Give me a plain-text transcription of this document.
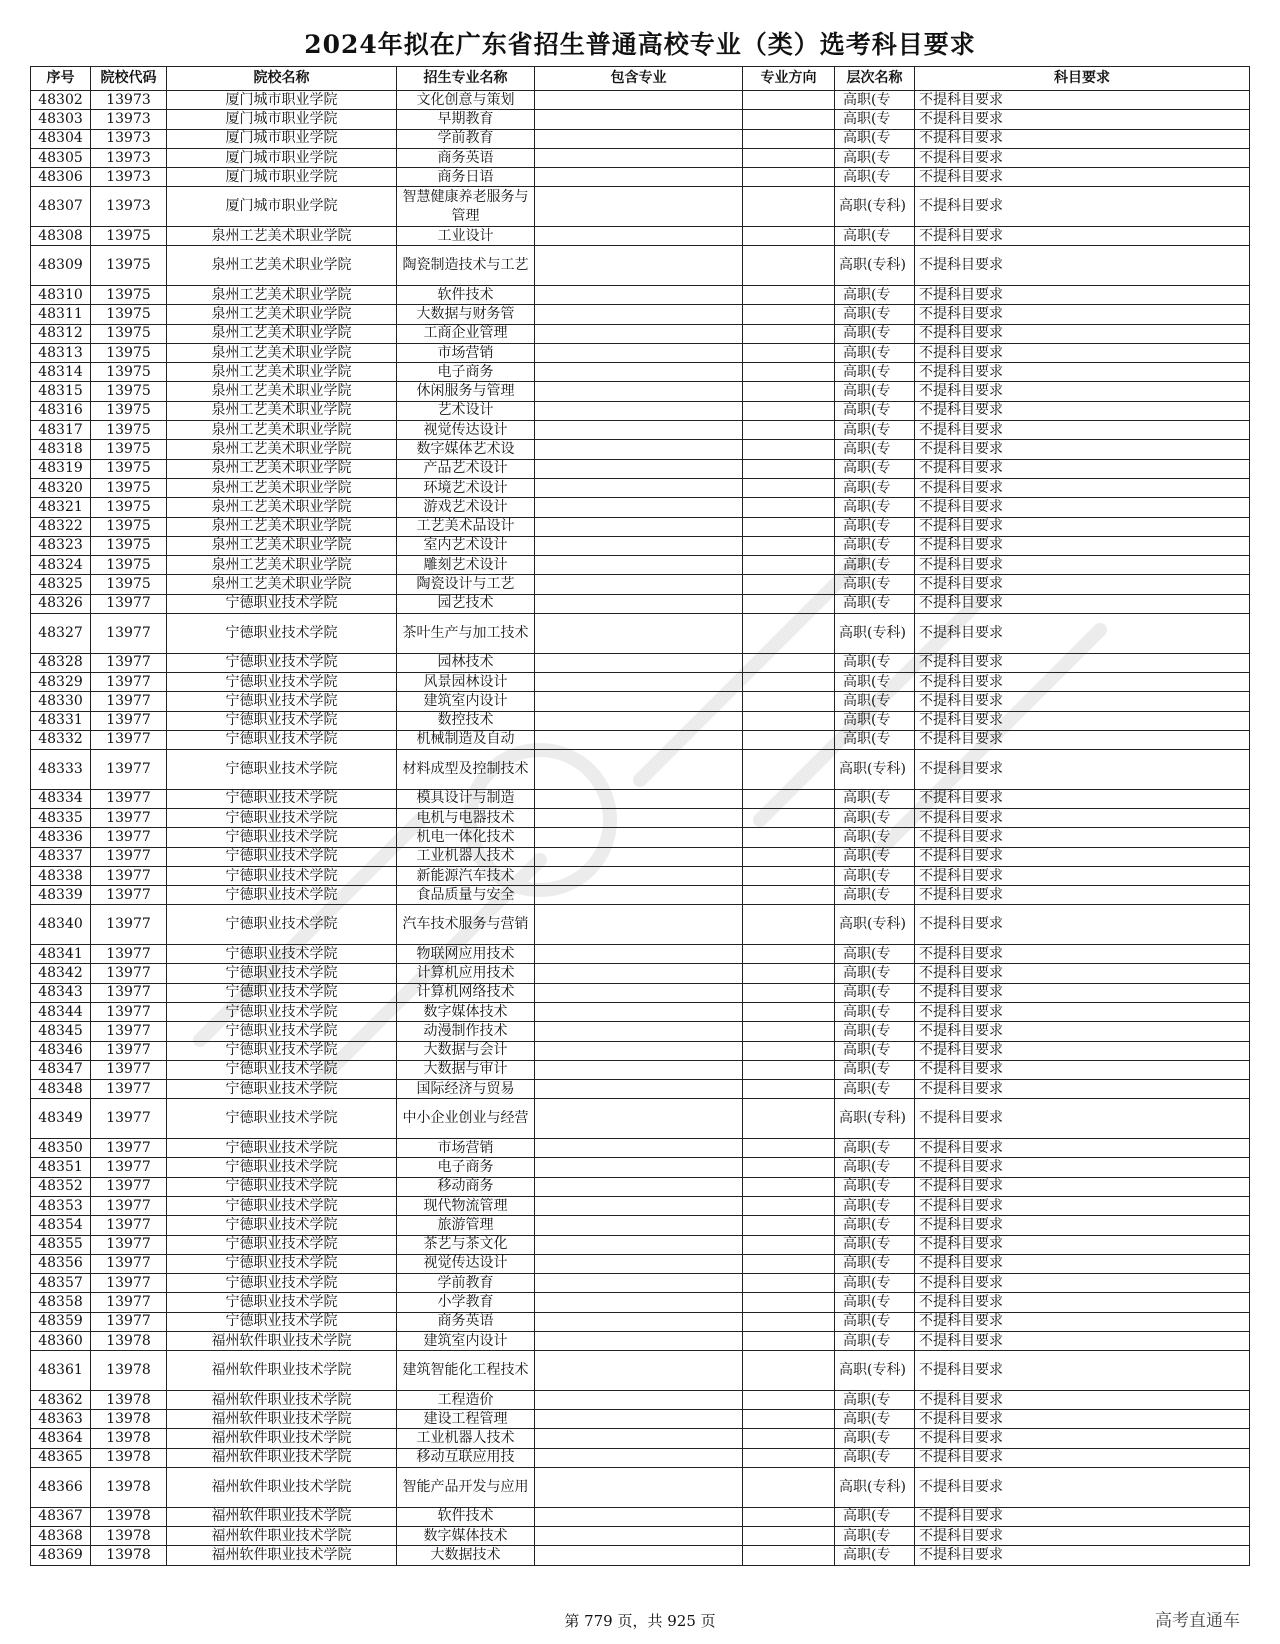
2024年拟在广东省招生普通高校专业（类）选考科目要求
序号	院校代码	院校名称	招生专业名称	包含专业	专业方向	层次名称	科目要求
48302	13973	厦门城市职业学院	文化创意与策划			高职(专	不提科目要求
48303	13973	厦门城市职业学院	早期教育			高职(专	不提科目要求
48304	13973	厦门城市职业学院	学前教育			高职(专	不提科目要求
48305	13973	厦门城市职业学院	商务英语			高职(专	不提科目要求
48306	13973	厦门城市职业学院	商务日语			高职(专	不提科目要求
48307	13973	厦门城市职业学院	智慧健康养老服务与管理			高职(专科)	不提科目要求
48308	13975	泉州工艺美术职业学院	工业设计			高职(专	不提科目要求
48309	13975	泉州工艺美术职业学院	陶瓷制造技术与工艺			高职(专科)	不提科目要求
48310	13975	泉州工艺美术职业学院	软件技术			高职(专	不提科目要求
48311	13975	泉州工艺美术职业学院	大数据与财务管			高职(专	不提科目要求
48312	13975	泉州工艺美术职业学院	工商企业管理			高职(专	不提科目要求
48313	13975	泉州工艺美术职业学院	市场营销			高职(专	不提科目要求
48314	13975	泉州工艺美术职业学院	电子商务			高职(专	不提科目要求
48315	13975	泉州工艺美术职业学院	休闲服务与管理			高职(专	不提科目要求
48316	13975	泉州工艺美术职业学院	艺术设计			高职(专	不提科目要求
48317	13975	泉州工艺美术职业学院	视觉传达设计			高职(专	不提科目要求
48318	13975	泉州工艺美术职业学院	数字媒体艺术设			高职(专	不提科目要求
48319	13975	泉州工艺美术职业学院	产品艺术设计			高职(专	不提科目要求
48320	13975	泉州工艺美术职业学院	环境艺术设计			高职(专	不提科目要求
48321	13975	泉州工艺美术职业学院	游戏艺术设计			高职(专	不提科目要求
48322	13975	泉州工艺美术职业学院	工艺美术品设计			高职(专	不提科目要求
48323	13975	泉州工艺美术职业学院	室内艺术设计			高职(专	不提科目要求
48324	13975	泉州工艺美术职业学院	雕刻艺术设计			高职(专	不提科目要求
48325	13975	泉州工艺美术职业学院	陶瓷设计与工艺			高职(专	不提科目要求
48326	13977	宁德职业技术学院	园艺技术			高职(专	不提科目要求
48327	13977	宁德职业技术学院	茶叶生产与加工技术			高职(专科)	不提科目要求
48328	13977	宁德职业技术学院	园林技术			高职(专	不提科目要求
48329	13977	宁德职业技术学院	风景园林设计			高职(专	不提科目要求
48330	13977	宁德职业技术学院	建筑室内设计			高职(专	不提科目要求
48331	13977	宁德职业技术学院	数控技术			高职(专	不提科目要求
48332	13977	宁德职业技术学院	机械制造及自动			高职(专	不提科目要求
48333	13977	宁德职业技术学院	材料成型及控制技术			高职(专科)	不提科目要求
48334	13977	宁德职业技术学院	模具设计与制造			高职(专	不提科目要求
48335	13977	宁德职业技术学院	电机与电器技术			高职(专	不提科目要求
48336	13977	宁德职业技术学院	机电一体化技术			高职(专	不提科目要求
48337	13977	宁德职业技术学院	工业机器人技术			高职(专	不提科目要求
48338	13977	宁德职业技术学院	新能源汽车技术			高职(专	不提科目要求
48339	13977	宁德职业技术学院	食品质量与安全			高职(专	不提科目要求
48340	13977	宁德职业技术学院	汽车技术服务与营销			高职(专科)	不提科目要求
48341	13977	宁德职业技术学院	物联网应用技术			高职(专	不提科目要求
48342	13977	宁德职业技术学院	计算机应用技术			高职(专	不提科目要求
48343	13977	宁德职业技术学院	计算机网络技术			高职(专	不提科目要求
48344	13977	宁德职业技术学院	数字媒体技术			高职(专	不提科目要求
48345	13977	宁德职业技术学院	动漫制作技术			高职(专	不提科目要求
48346	13977	宁德职业技术学院	大数据与会计			高职(专	不提科目要求
48347	13977	宁德职业技术学院	大数据与审计			高职(专	不提科目要求
48348	13977	宁德职业技术学院	国际经济与贸易			高职(专	不提科目要求
48349	13977	宁德职业技术学院	中小企业创业与经营			高职(专科)	不提科目要求
48350	13977	宁德职业技术学院	市场营销			高职(专	不提科目要求
48351	13977	宁德职业技术学院	电子商务			高职(专	不提科目要求
48352	13977	宁德职业技术学院	移动商务			高职(专	不提科目要求
48353	13977	宁德职业技术学院	现代物流管理			高职(专	不提科目要求
48354	13977	宁德职业技术学院	旅游管理			高职(专	不提科目要求
48355	13977	宁德职业技术学院	茶艺与茶文化			高职(专	不提科目要求
48356	13977	宁德职业技术学院	视觉传达设计			高职(专	不提科目要求
48357	13977	宁德职业技术学院	学前教育			高职(专	不提科目要求
48358	13977	宁德职业技术学院	小学教育			高职(专	不提科目要求
48359	13977	宁德职业技术学院	商务英语			高职(专	不提科目要求
48360	13978	福州软件职业技术学院	建筑室内设计			高职(专	不提科目要求
48361	13978	福州软件职业技术学院	建筑智能化工程技术			高职(专科)	不提科目要求
48362	13978	福州软件职业技术学院	工程造价			高职(专	不提科目要求
48363	13978	福州软件职业技术学院	建设工程管理			高职(专	不提科目要求
48364	13978	福州软件职业技术学院	工业机器人技术			高职(专	不提科目要求
48365	13978	福州软件职业技术学院	移动互联应用技			高职(专	不提科目要求
48366	13978	福州软件职业技术学院	智能产品开发与应用			高职(专科)	不提科目要求
48367	13978	福州软件职业技术学院	软件技术			高职(专	不提科目要求
48368	13978	福州软件职业技术学院	数字媒体技术			高职(专	不提科目要求
48369	13978	福州软件职业技术学院	大数据技术			高职(专	不提科目要求
第 779 页，共 925 页	高考直通车
